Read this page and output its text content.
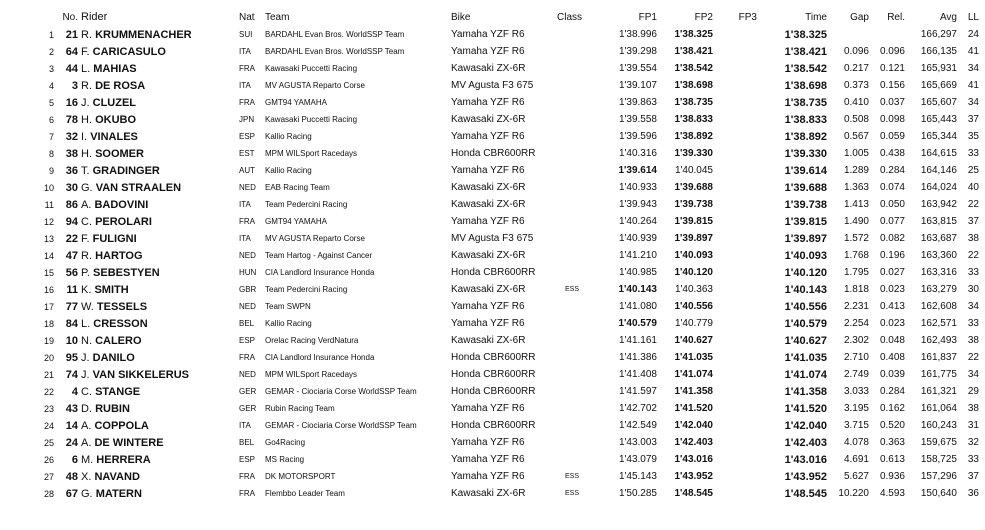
	No.	Rider	Nat	Team	Bike	Class	FP1	FP2	FP3	Time	Gap	Rel.	Avg	LL
1	21	R. KRUMMENACHER	SUI	BARDAHL Evan Bros. WorldSSP Team	Yamaha YZF R6		1'38.996	1'38.325		1'38.325			166,297	24
2	64	F. CARICASULO	ITA	BARDAHL Evan Bros. WorldSSP Team	Yamaha YZF R6		1'39.298	1'38.421		1'38.421	0.096	0.096	166,135	41
3	44	L. MAHIAS	FRA	Kawasaki Puccetti Racing	Kawasaki ZX-6R		1'39.554	1'38.542		1'38.542	0.217	0.121	165,931	34
4	3	R. DE ROSA	ITA	MV AGUSTA Reparto Corse	MV Agusta F3 675		1'39.107	1'38.698		1'38.698	0.373	0.156	165,669	41
5	16	J. CLUZEL	FRA	GMT94 YAMAHA	Yamaha YZF R6		1'39.863	1'38.735		1'38.735	0.410	0.037	165,607	34
6	78	H. OKUBO	JPN	Kawasaki Puccetti Racing	Kawasaki ZX-6R		1'39.558	1'38.833		1'38.833	0.508	0.098	165,443	37
7	32	I. VINALES	ESP	Kallio Racing	Yamaha YZF R6		1'39.596	1'38.892		1'38.892	0.567	0.059	165,344	35
8	38	H. SOOMER	EST	MPM WILSport Racedays	Honda CBR600RR		1'40.316	1'39.330		1'39.330	1.005	0.438	164,615	33
9	36	T. GRADINGER	AUT	Kallio Racing	Yamaha YZF R6		1'39.614	1'40.045		1'39.614	1.289	0.284	164,146	25
10	30	G. VAN STRAALEN	NED	EAB Racing Team	Kawasaki ZX-6R		1'40.933	1'39.688		1'39.688	1.363	0.074	164,024	40
11	86	A. BADOVINI	ITA	Team Pedercini Racing	Kawasaki ZX-6R		1'39.943	1'39.738		1'39.738	1.413	0.050	163,942	22
12	94	C. PEROLARI	FRA	GMT94 YAMAHA	Yamaha YZF R6		1'40.264	1'39.815		1'39.815	1.490	0.077	163,815	37
13	22	F. FULIGNI	ITA	MV AGUSTA Reparto Corse	MV Agusta F3 675		1'40.939	1'39.897		1'39.897	1.572	0.082	163,687	38
14	47	R. HARTOG	NED	Team Hartog - Against Cancer	Kawasaki ZX-6R		1'41.210	1'40.093		1'40.093	1.768	0.196	163,360	22
15	56	P. SEBESTYEN	HUN	CIA Landlord Insurance Honda	Honda CBR600RR		1'40.985	1'40.120		1'40.120	1.795	0.027	163,316	33
16	11	K. SMITH	GBR	Team Pedercini Racing	Kawasaki ZX-6R	ESS	1'40.143	1'40.363		1'40.143	1.818	0.023	163,279	30
17	77	W. TESSELS	NED	Team SWPN	Yamaha YZF R6		1'41.080	1'40.556		1'40.556	2.231	0.413	162,608	34
18	84	L. CRESSON	BEL	Kallio Racing	Yamaha YZF R6		1'40.579	1'40.779		1'40.579	2.254	0.023	162,571	33
19	10	N. CALERO	ESP	Orelac Racing VerdNatura	Kawasaki ZX-6R		1'41.161	1'40.627		1'40.627	2.302	0.048	162,493	38
20	95	J. DANILO	FRA	CIA Landlord Insurance Honda	Honda CBR600RR		1'41.386	1'41.035		1'41.035	2.710	0.408	161,837	22
21	74	J. VAN SIKKELERUS	NED	MPM WILSport Racedays	Honda CBR600RR		1'41.408	1'41.074		1'41.074	2.749	0.039	161,775	34
22	4	C. STANGE	GER	GEMAR - Ciociaria Corse WorldSSP Team	Honda CBR600RR		1'41.597	1'41.358		1'41.358	3.033	0.284	161,321	29
23	43	D. RUBIN	GER	Rubin Racing Team	Yamaha YZF R6		1'42.702	1'41.520		1'41.520	3.195	0.162	161,064	38
24	14	A. COPPOLA	ITA	GEMAR - Ciociaria Corse WorldSSP Team	Honda CBR600RR		1'42.549	1'42.040		1'42.040	3.715	0.520	160,243	31
25	24	A. DE WINTERE	BEL	Go4Racing	Yamaha YZF R6		1'43.003	1'42.403		1'42.403	4.078	0.363	159,675	32
26	6	M. HERRERA	ESP	MS Racing	Yamaha YZF R6		1'43.079	1'43.016		1'43.016	4.691	0.613	158,725	33
27	48	X. NAVAND	FRA	DK MOTORSPORT	Yamaha YZF R6	ESS	1'45.143	1'43.952		1'43.952	5.627	0.936	157,296	37
28	67	G. MATERN	FRA	Flembbo Leader Team	Kawasaki ZX-6R	ESS	1'50.285	1'48.545		1'48.545	10.220	4.593	150,640	36
